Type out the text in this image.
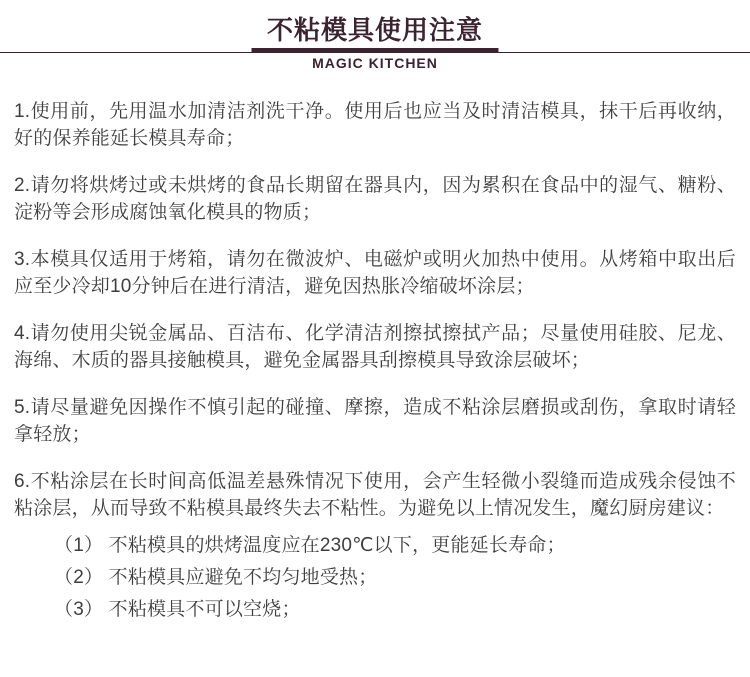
不粘模具使用注意
MAGIC KITCHEN

1.使用前，先用温水加清洁剂洗干净。使用后也应当及时清洁模具，抹干后再收纳，好的保养能延长模具寿命；

2.请勿将烘烤过或未烘烤的食品长期留在器具内，因为累积在食品中的湿气、糖粉、淀粉等会形成腐蚀氧化模具的物质；

3.本模具仅适用于烤箱，请勿在微波炉、电磁炉或明火加热中使用。从烤箱中取出后应至少冷却10分钟后在进行清洁，避免因热胀冷缩破坏涂层；

4.请勿使用尖锐金属品、百洁布、化学清洁剂擦拭擦拭产品；尽量使用硅胶、尼龙、海绵、木质的器具接触模具，避免金属器具刮擦模具导致涂层破坏；

5.请尽量避免因操作不慎引起的碰撞、摩擦，造成不粘涂层磨损或刮伤，拿取时请轻拿轻放；

6.不粘涂层在长时间高低温差悬殊情况下使用，会产生轻微小裂缝而造成残余侵蚀不粘涂层，从而导致不粘模具最终失去不粘性。为避免以上情况发生，魔幻厨房建议：

（1） 不粘模具的烘烤温度应在230℃以下，更能延长寿命；

（2） 不粘模具应避免不均匀地受热；

（3） 不粘模具不可以空烧；
